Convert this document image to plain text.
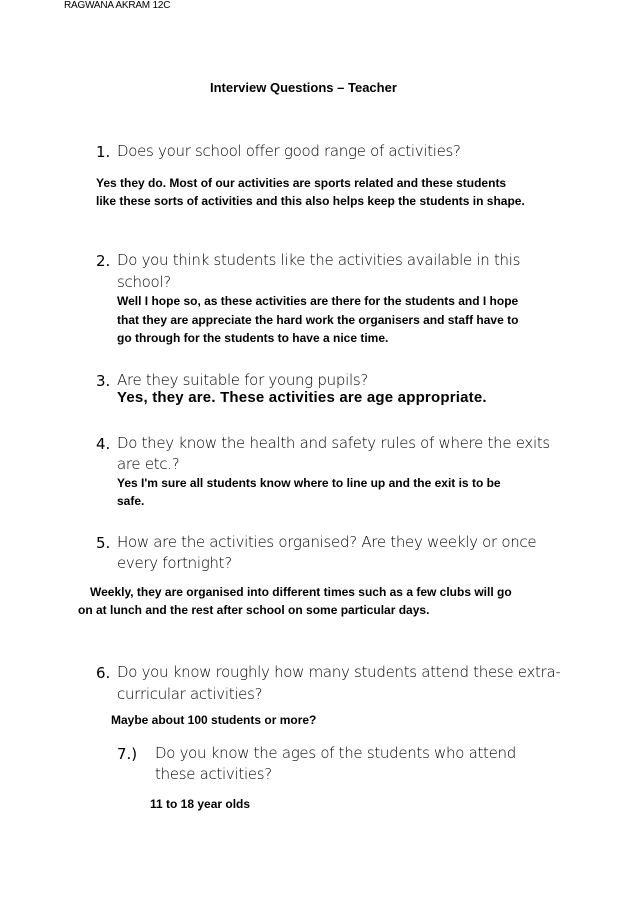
RAGWANA AKRAM 12C
Interview Questions – Teacher
1. Does your school offer good range of activities?
Yes they do. Most of our activities are sports related and these students
like these sorts of activities and this also helps keep the students in shape.
2. Do you think students like the activities available in this
school?
Well I hope so, as these activities are there for the students and I hope
that they are appreciate the hard work the organisers and staff have to
go through for the students to have a nice time.
3. Are they suitable for young pupils?
Yes, they are. These activities are age appropriate.
4. Do they know the health and safety rules of where the exits
are etc.?
Yes I'm sure all students know where to line up and the exit is to be
safe.
5. How are the activities organised? Are they weekly or once
every fortnight?
Weekly, they are organised into different times such as a few clubs will go
on at lunch and the rest after school on some particular days.
6. Do you know roughly how many students attend these extra-
curricular activities?
Maybe about 100 students or more?
7.) Do you know the ages of the students who attend
these activities?
11 to 18 year olds
